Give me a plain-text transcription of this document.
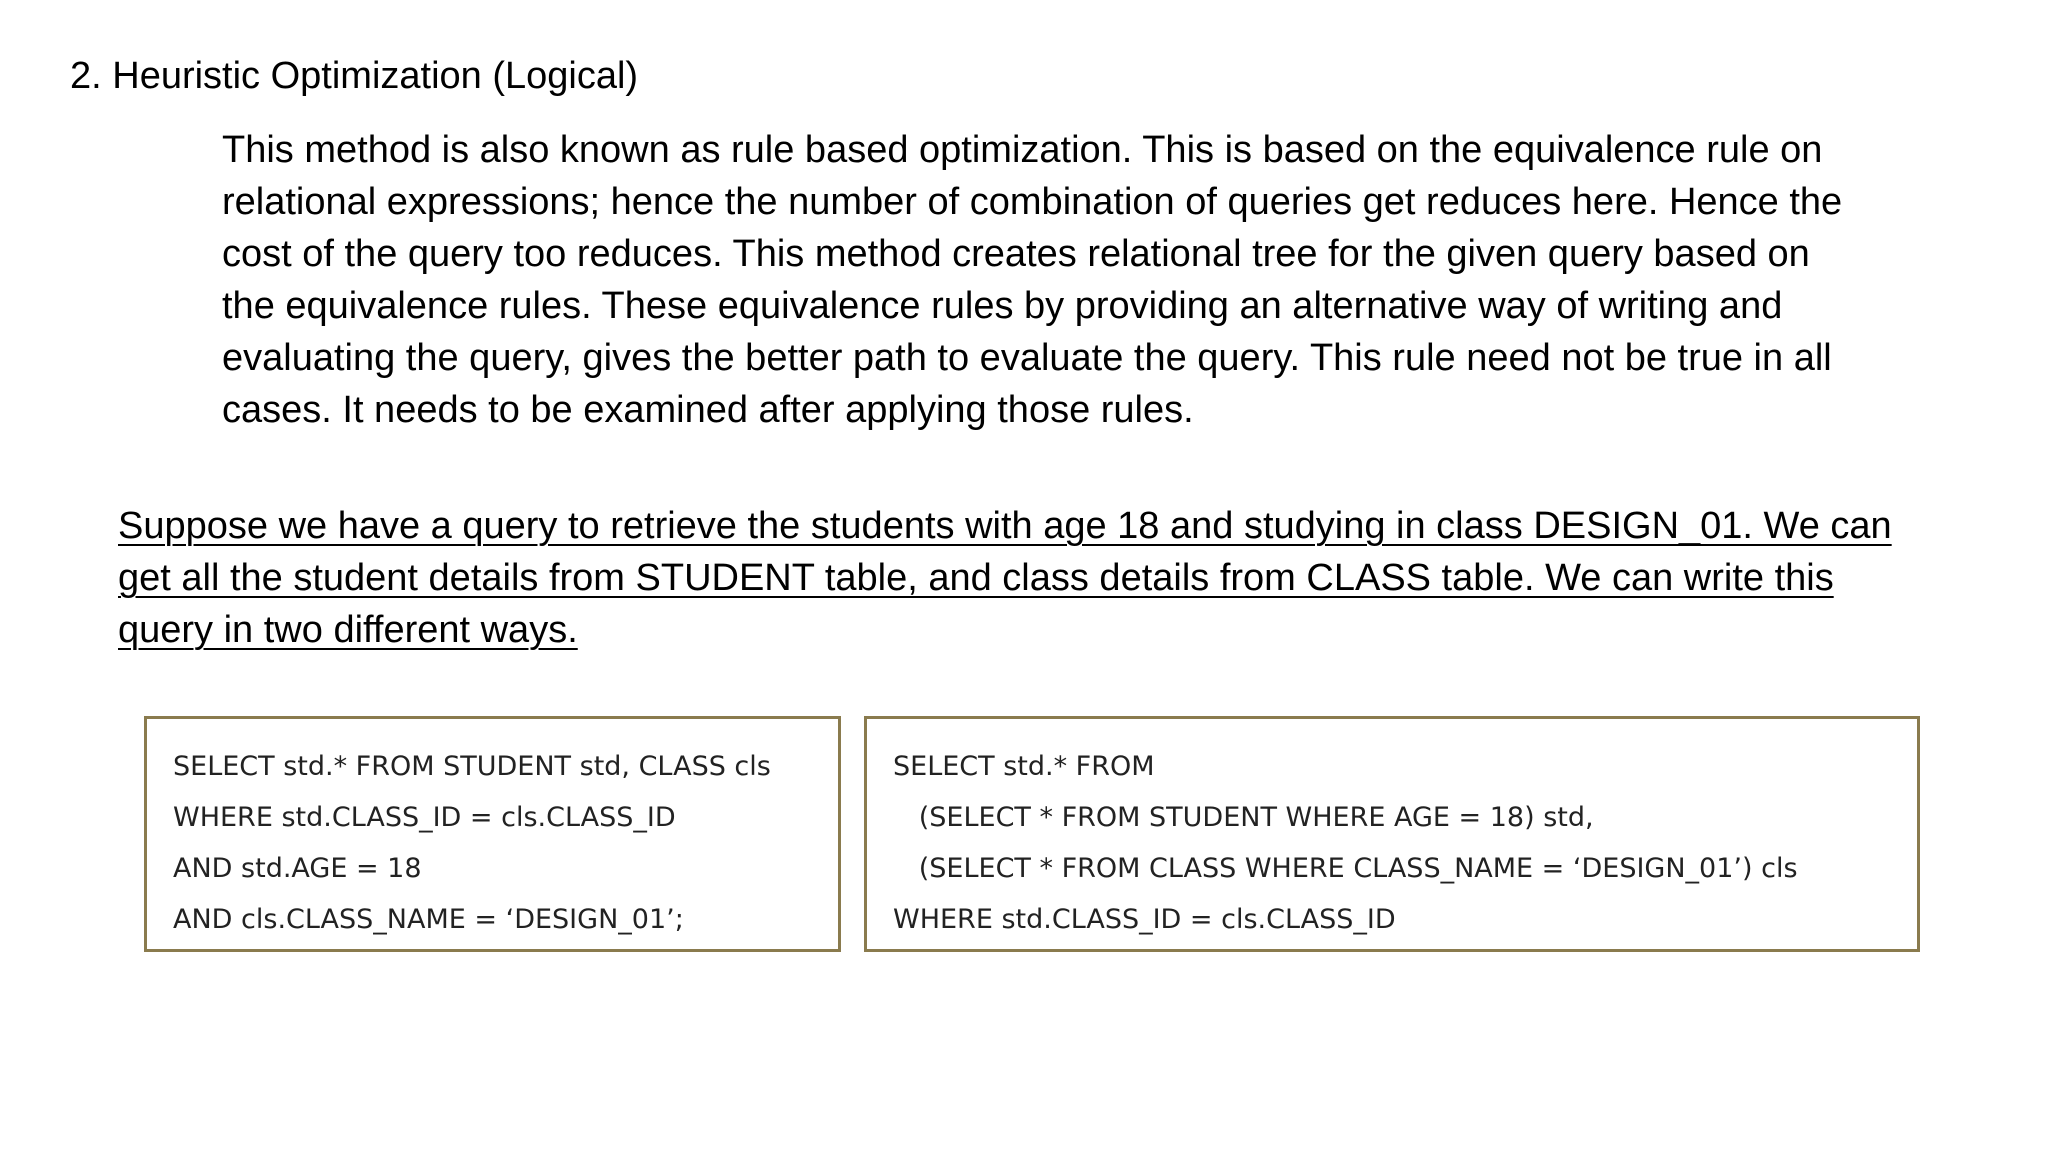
2. Heuristic Optimization (Logical)
This method is also known as rule based optimization. This is based on the equivalence rule on
relational expressions; hence the number of combination of queries get reduces here. Hence the
cost of the query too reduces. This method creates relational tree for the given query based on
the equivalence rules. These equivalence rules by providing an alternative way of writing and
evaluating the query, gives the better path to evaluate the query. This rule need not be true in all
cases. It needs to be examined after applying those rules.
Suppose we have a query to retrieve the students with age 18 and studying in class DESIGN_01. We can
get all the student details from STUDENT table, and class details from CLASS table. We can write this
query in two different ways.
SELECT std.* FROM STUDENT std, CLASS cls
WHERE std.CLASS_ID = cls.CLASS_ID
AND std.AGE = 18
AND cls.CLASS_NAME = ‘DESIGN_01’;
SELECT std.* FROM
(SELECT * FROM STUDENT WHERE AGE = 18) std,
(SELECT * FROM CLASS WHERE CLASS_NAME = ‘DESIGN_01’) cls
WHERE std.CLASS_ID = cls.CLASS_ID
